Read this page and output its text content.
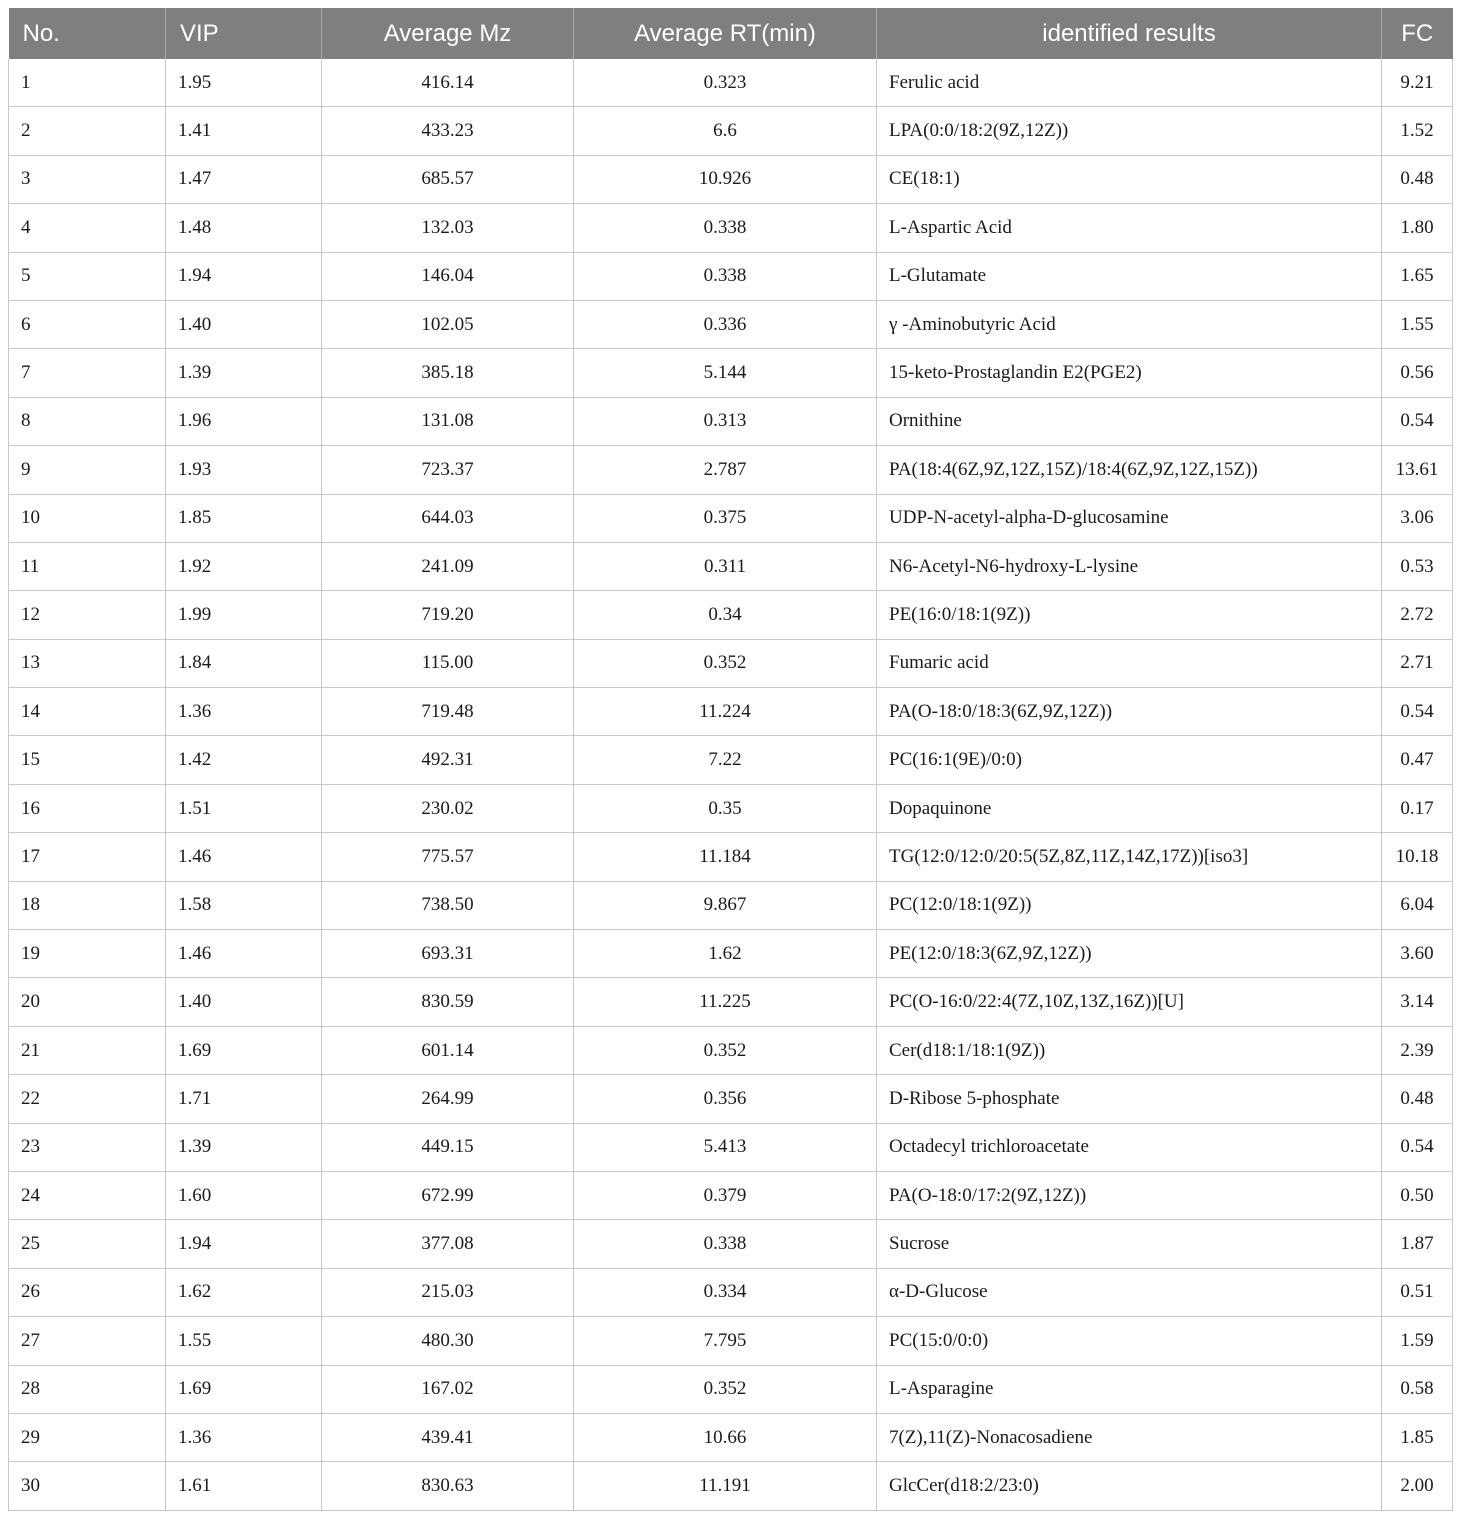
No.	VIP	Average Mz	Average RT(min)	identified results	FC
1	1.95	416.14	0.323	Ferulic acid	9.21
2	1.41	433.23	6.6	LPA(0:0/18:2(9Z,12Z))	1.52
3	1.47	685.57	10.926	CE(18:1)	0.48
4	1.48	132.03	0.338	L-Aspartic Acid	1.80
5	1.94	146.04	0.338	L-Glutamate	1.65
6	1.40	102.05	0.336	γ -Aminobutyric Acid	1.55
7	1.39	385.18	5.144	15-keto-Prostaglandin E2(PGE2)	0.56
8	1.96	131.08	0.313	Ornithine	0.54
9	1.93	723.37	2.787	PA(18:4(6Z,9Z,12Z,15Z)/18:4(6Z,9Z,12Z,15Z))	13.61
10	1.85	644.03	0.375	UDP-N-acetyl-alpha-D-glucosamine	3.06
11	1.92	241.09	0.311	N6-Acetyl-N6-hydroxy-L-lysine	0.53
12	1.99	719.20	0.34	PE(16:0/18:1(9Z))	2.72
13	1.84	115.00	0.352	Fumaric acid	2.71
14	1.36	719.48	11.224	PA(O-18:0/18:3(6Z,9Z,12Z))	0.54
15	1.42	492.31	7.22	PC(16:1(9E)/0:0)	0.47
16	1.51	230.02	0.35	Dopaquinone	0.17
17	1.46	775.57	11.184	TG(12:0/12:0/20:5(5Z,8Z,11Z,14Z,17Z))[iso3]	10.18
18	1.58	738.50	9.867	PC(12:0/18:1(9Z))	6.04
19	1.46	693.31	1.62	PE(12:0/18:3(6Z,9Z,12Z))	3.60
20	1.40	830.59	11.225	PC(O-16:0/22:4(7Z,10Z,13Z,16Z))[U]	3.14
21	1.69	601.14	0.352	Cer(d18:1/18:1(9Z))	2.39
22	1.71	264.99	0.356	D-Ribose 5-phosphate	0.48
23	1.39	449.15	5.413	Octadecyl trichloroacetate	0.54
24	1.60	672.99	0.379	PA(O-18:0/17:2(9Z,12Z))	0.50
25	1.94	377.08	0.338	Sucrose	1.87
26	1.62	215.03	0.334	α-D-Glucose	0.51
27	1.55	480.30	7.795	PC(15:0/0:0)	1.59
28	1.69	167.02	0.352	L-Asparagine	0.58
29	1.36	439.41	10.66	7(Z),11(Z)-Nonacosadiene	1.85
30	1.61	830.63	11.191	GlcCer(d18:2/23:0)	2.00
